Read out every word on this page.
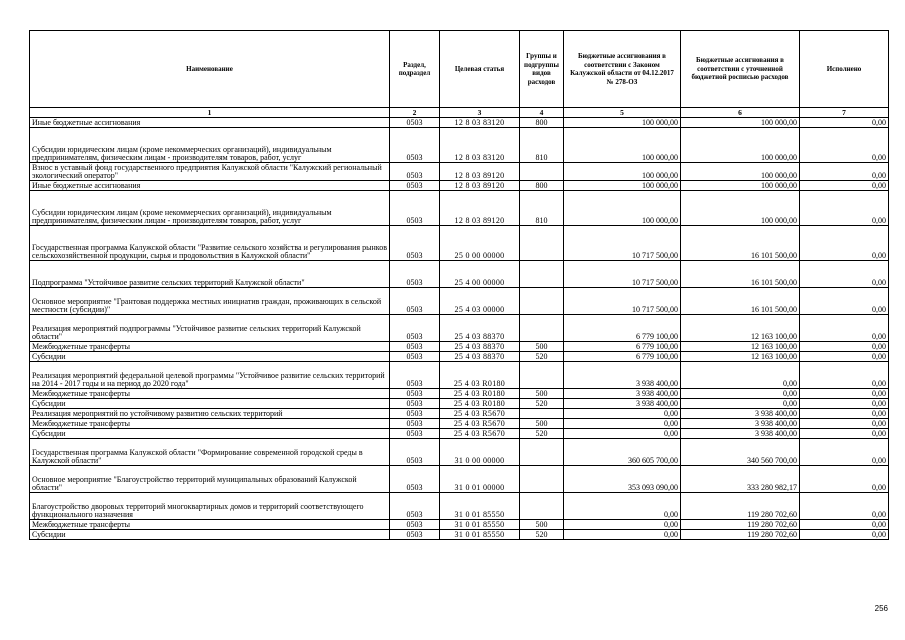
Наименование	Раздел, подраздел	Целевая статья	Группы и подгруппы видов расходов	Бюджетные ассигнования в соответствии с Законом Калужской области от 04.12.2017 № 278-ОЗ	Бюджетные ассигнования в соответствии с уточненной бюджетной росписью расходов	Исполнено
1	2	3	4	5	6	7
Иные бюджетные ассигнования	0503	12 8 03 83120	800	100 000,00	100 000,00	0,00
Субсидии юридическим лицам (кроме некоммерческих организаций), индивидуальным предпринимателям, физическим лицам - производителям товаров, работ, услуг	0503	12 8 03 83120	810	100 000,00	100 000,00	0,00
Взнос в уставный фонд государственного предприятия Калужской области "Калужский региональный экологический оператор"	0503	12 8 03 89120		100 000,00	100 000,00	0,00
Иные бюджетные ассигнования	0503	12 8 03 89120	800	100 000,00	100 000,00	0,00
Субсидии юридическим лицам (кроме некоммерческих организаций), индивидуальным предпринимателям, физическим лицам - производителям товаров, работ, услуг	0503	12 8 03 89120	810	100 000,00	100 000,00	0,00
Государственная программа Калужской области "Развитие сельского хозяйства и регулирования рынков сельскохозяйственной продукции, сырья и продовольствия в Калужской области"	0503	25 0 00 00000		10 717 500,00	16 101 500,00	0,00
Подпрограмма "Устойчивое развитие сельских территорий Калужской области"	0503	25 4 00 00000		10 717 500,00	16 101 500,00	0,00
Основное мероприятие "Грантовая поддержка местных инициатив граждан, проживающих в сельской местности (субсидии)"	0503	25 4 03 00000		10 717 500,00	16 101 500,00	0,00
Реализация мероприятий подпрограммы "Устойчивое развитие сельских территорий Калужской области"	0503	25 4 03 88370		6 779 100,00	12 163 100,00	0,00
Межбюджетные трансферты	0503	25 4 03 88370	500	6 779 100,00	12 163 100,00	0,00
Субсидии	0503	25 4 03 88370	520	6 779 100,00	12 163 100,00	0,00
Реализация мероприятий федеральной целевой программы "Устойчивое развитие сельских территорий на 2014 - 2017 годы и на период до 2020 года"	0503	25 4 03 R0180		3 938 400,00	0,00	0,00
Межбюджетные трансферты	0503	25 4 03 R0180	500	3 938 400,00	0,00	0,00
Субсидии	0503	25 4 03 R0180	520	3 938 400,00	0,00	0,00
Реализация мероприятий по устойчивому развитию сельских территорий	0503	25 4 03 R5670		0,00	3 938 400,00	0,00
Межбюджетные трансферты	0503	25 4 03 R5670	500	0,00	3 938 400,00	0,00
Субсидии	0503	25 4 03 R5670	520	0,00	3 938 400,00	0,00
Государственная программа Калужской области "Формирование современной городской среды в Калужской области"	0503	31 0 00 00000		360 605 700,00	340 560 700,00	0,00
Основное мероприятие "Благоустройство территорий муниципальных образований Калужской области"	0503	31 0 01 00000		353 093 090,00	333 280 982,17	0,00
Благоустройство дворовых территорий многоквартирных домов и территорий соответствующего функционального назначения	0503	31 0 01 85550		0,00	119 280 702,60	0,00
Межбюджетные трансферты	0503	31 0 01 85550	500	0,00	119 280 702,60	0,00
Субсидии	0503	31 0 01 85550	520	0,00	119 280 702,60	0,00
256
